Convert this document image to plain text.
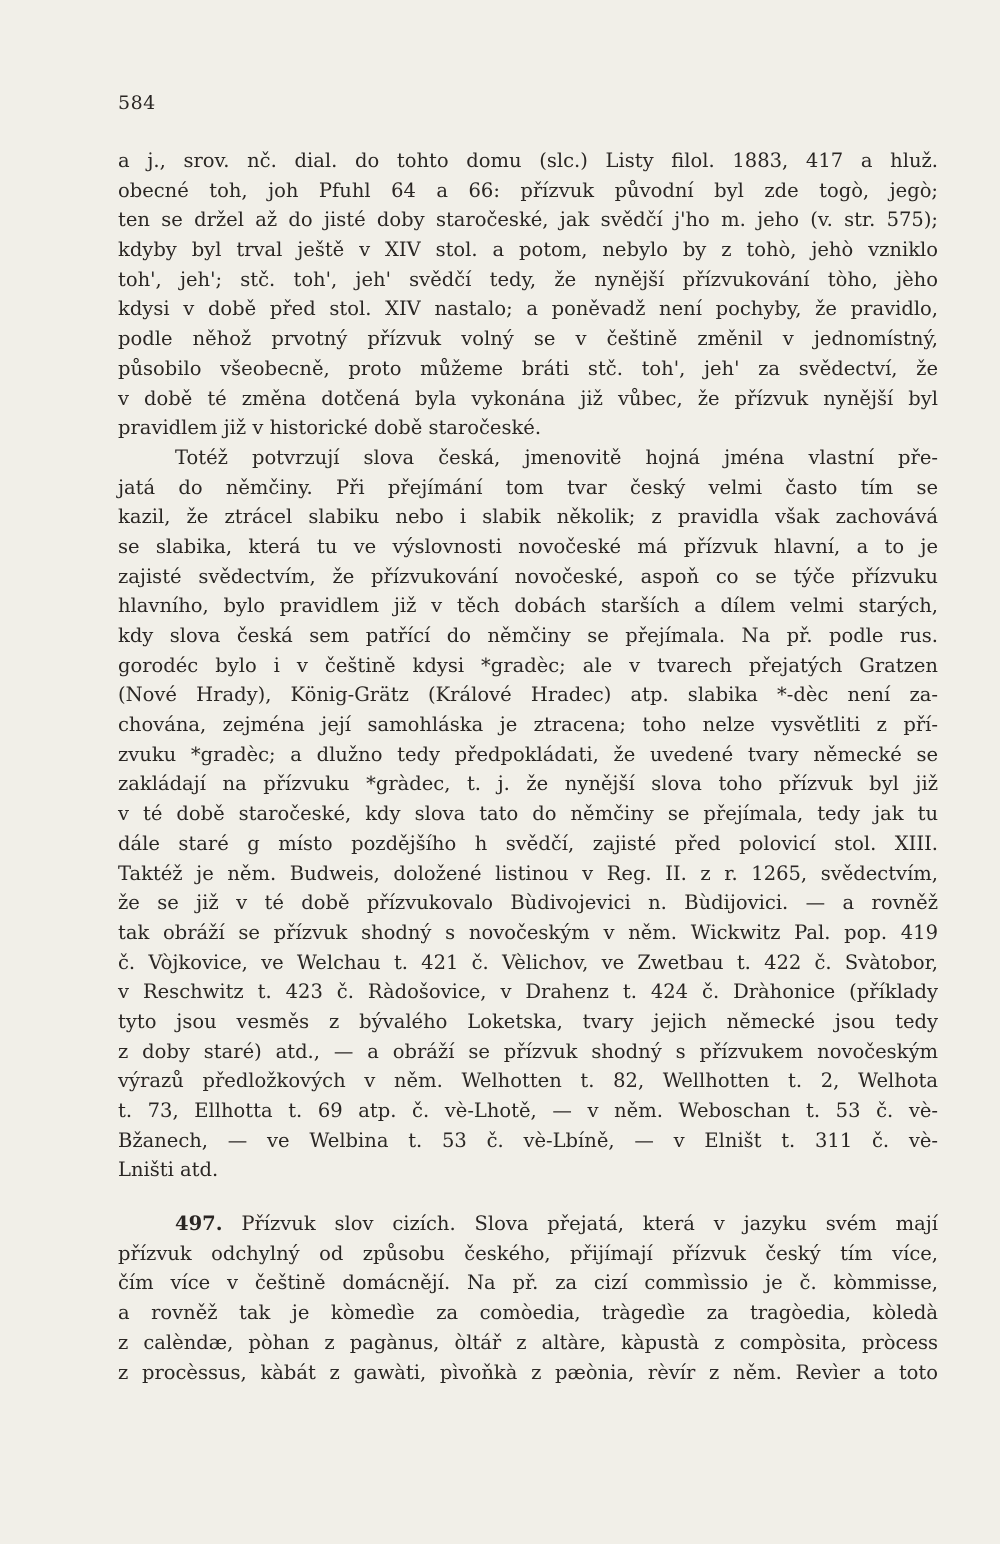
584
a j., srov. nč. dial. do tohto domu (slc.) Listy filol. 1883, 417 a hluž.
obecné toh, joh Pfuhl 64 a 66: přízvuk původní byl zde togò, jegò;
ten se držel až do jisté doby staročeské, jak svědčí j'ho m. jeho (v. str. 575);
kdyby byl trval ještě v XIV stol. a potom, nebylo by z tohò, jehò vzniklo
toh', jeh'; stč. toh', jeh' svědčí tedy, že nynější přízvukování tòho, jèho
kdysi v době před stol. XIV nastalo; a poněvadž není pochyby, že pravidlo,
podle něhož prvotný přízvuk volný se v češtině změnil v jednomístný,
působilo všeobecně, proto můžeme bráti stč. toh', jeh' za svědectví, že
v době té změna dotčená byla vykonána již vůbec, že přízvuk nynější byl
pravidlem již v historické době staročeské.
Totéž potvrzují slova česká, jmenovitě hojná jména vlastní pře-
jatá do němčiny. Při přejímání tom tvar český velmi často tím se
kazil, že ztrácel slabiku nebo i slabik několik; z pravidla však zachovává
se slabika, která tu ve výslovnosti novočeské má přízvuk hlavní, a to je
zajisté svědectvím, že přízvukování novočeské, aspoň co se týče přízvuku
hlavního, bylo pravidlem již v těch dobách starších a dílem velmi starých,
kdy slova česká sem patřící do němčiny se přejímala. Na př. podle rus.
gorodéc bylo i v češtině kdysi *gradèc; ale v tvarech přejatých Gratzen
(Nové Hrady), König-Grätz (Králové Hradec) atp. slabika *-dèc není za-
chována, zejména její samohláska je ztracena; toho nelze vysvětliti z pří-
zvuku *gradèc; a dlužno tedy předpokládati, že uvedené tvary německé se
zakládají na přízvuku *gràdec, t. j. že nynější slova toho přízvuk byl již
v té době staročeské, kdy slova tato do němčiny se přejímala, tedy jak tu
dále staré g místo pozdějšího h svědčí, zajisté před polovicí stol. XIII.
Taktéž je něm. Budweis, doložené listinou v Reg. II. z r. 1265, svědectvím,
že se již v té době přízvukovalo Bùdivojevici n. Bùdijovici. — a rovněž
tak obráží se přízvuk shodný s novočeským v něm. Wickwitz Pal. pop. 419
č. Vòjkovice, ve Welchau t. 421 č. Vèlichov, ve Zwetbau t. 422 č. Svàtobor,
v Reschwitz t. 423 č. Ràdošovice, v Drahenz t. 424 č. Dràhonice (příklady
tyto jsou vesměs z bývalého Loketska, tvary jejich německé jsou tedy
z doby staré) atd., — a obráží se přízvuk shodný s přízvukem novočeským
výrazů předložkových v něm. Welhotten t. 82, Wellhotten t. 2, Welhota
t. 73, Ellhotta t. 69 atp. č. vè-Lhotě, — v něm. Weboschan t. 53 č. vè-
Bžanech, — ve Welbina t. 53 č. vè-Lbíně, — v Elništ t. 311 č. vè-
Lništi atd.
497. Přízvuk slov cizích. Slova přejatá, která v jazyku svém mají
přízvuk odchylný od způsobu českého, přijímají přízvuk český tím více,
čím více v češtině domácnějí. Na př. za cizí commìssio je č. kòmmisse,
a rovněž tak je kòmedìe za comòedia, tràgedìe za tragòedia, kòledà
z calèndæ, pòhan z pagànus, òltář z altàre, kàpustà z compòsita, pròcess
z procèssus, kàbát z gawàti, pìvoňkà z pæònia, rèvír z něm. Revìer a toto
